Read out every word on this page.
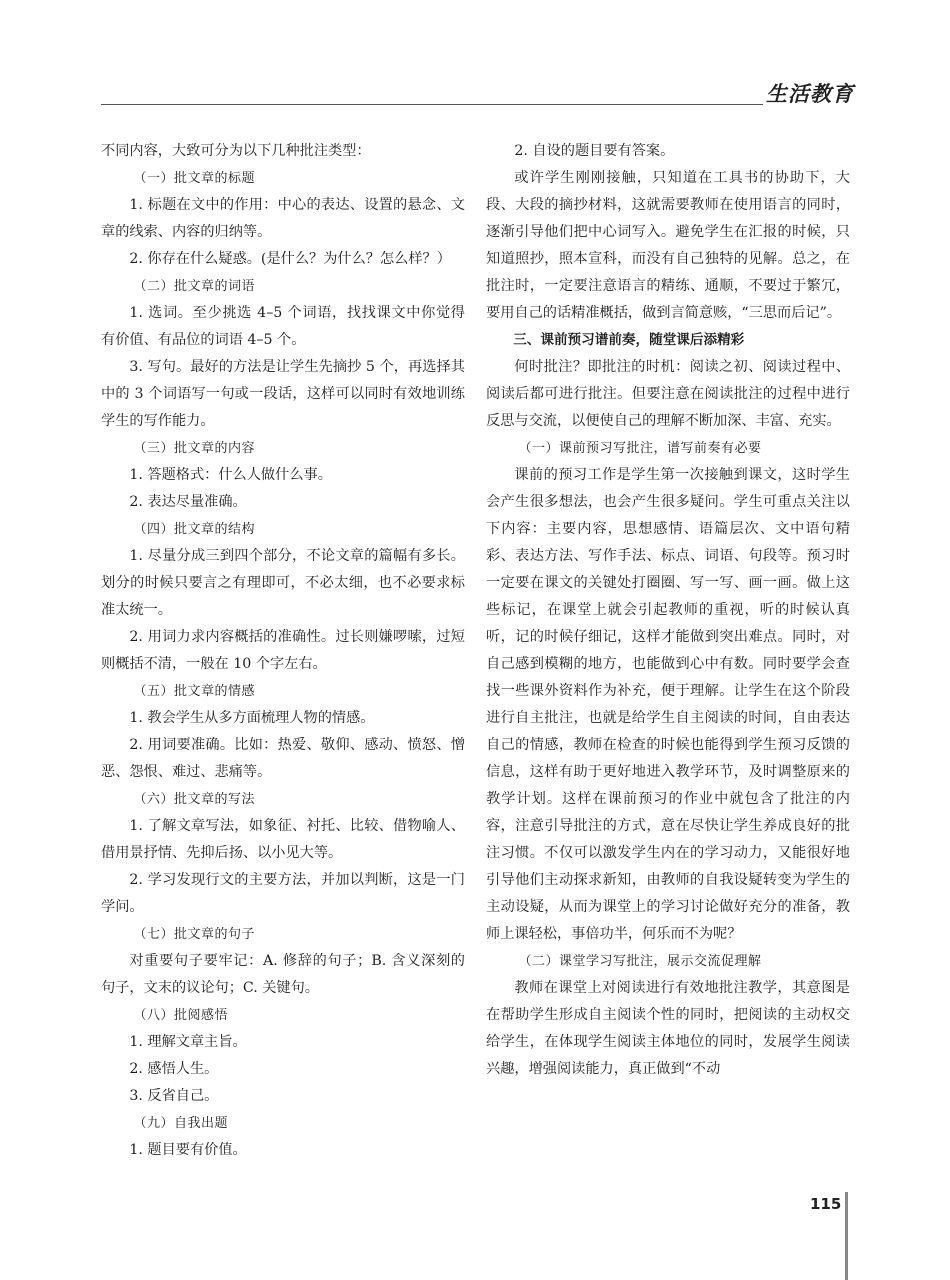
生活教育

不同内容，大致可分为以下几种批注类型：

（一）批文章的标题

1. 标题在文中的作用：中心的表达、设置的悬念、文章的线索、内容的归纳等。

2. 你存在什么疑惑。(是什么？为什么？怎么样？）

（二）批文章的词语

1. 选词。至少挑选 4–5 个词语，找找课文中你觉得有价值、有品位的词语 4–5 个。

3. 写句。最好的方法是让学生先摘抄 5 个，再选择其中的 3 个词语写一句或一段话，这样可以同时有效地训练学生的写作能力。

（三）批文章的内容

1. 答题格式：什么人做什么事。

2. 表达尽量准确。

（四）批文章的结构

1. 尽量分成三到四个部分，不论文章的篇幅有多长。划分的时候只要言之有理即可，不必太细，也不必要求标准太统一。

2. 用词力求内容概括的准确性。过长则嫌啰嗦，过短则概括不清，一般在 10 个字左右。

（五）批文章的情感

1. 教会学生从多方面梳理人物的情感。

2. 用词要准确。比如：热爱、敬仰、感动、愤怒、憎恶、怨恨、难过、悲痛等。

（六）批文章的写法

1. 了解文章写法，如象征、衬托、比较、借物喻人、借用景抒情、先抑后扬、以小见大等。

2. 学习发现行文的主要方法，并加以判断，这是一门学问。

（七）批文章的句子

对重要句子要牢记：A. 修辞的句子；B. 含义深刻的句子，文末的议论句；C. 关键句。

（八）批阅感悟

1. 理解文章主旨。

2. 感悟人生。

3. 反省自己。

（九）自我出题

1. 题目要有价值。

2. 自设的题目要有答案。

或许学生刚刚接触，只知道在工具书的协助下，大段、大段的摘抄材料，这就需要教师在使用语言的同时，逐渐引导他们把中心词写入。避免学生在汇报的时候，只知道照抄，照本宣科，而没有自己独特的见解。总之，在批注时，一定要注意语言的精练、通顺，不要过于繁冗，要用自己的话精准概括，做到言简意赅，“三思而后记”。

三、课前预习谱前奏，随堂课后添精彩

何时批注？即批注的时机：阅读之初、阅读过程中、阅读后都可进行批注。但要注意在阅读批注的过程中进行反思与交流，以便使自己的理解不断加深、丰富、充实。

（一）课前预习写批注，谱写前奏有必要

课前的预习工作是学生第一次接触到课文，这时学生会产生很多想法，也会产生很多疑问。学生可重点关注以下内容：主要内容，思想感情、语篇层次、文中语句精彩、表达方法、写作手法、标点、词语、句段等。预习时一定要在课文的关键处打圈圈、写一写、画一画。做上这些标记，在课堂上就会引起教师的重视，听的时候认真听，记的时候仔细记，这样才能做到突出难点。同时，对自己感到模糊的地方，也能做到心中有数。同时要学会查找一些课外资料作为补充，便于理解。让学生在这个阶段进行自主批注，也就是给学生自主阅读的时间，自由表达自己的情感，教师在检查的时候也能得到学生预习反馈的信息，这样有助于更好地进入教学环节，及时调整原来的教学计划。这样在课前预习的作业中就包含了批注的内容，注意引导批注的方式，意在尽快让学生养成良好的批注习惯。不仅可以激发学生内在的学习动力，又能很好地引导他们主动探求新知，由教师的自我设疑转变为学生的主动设疑，从而为课堂上的学习讨论做好充分的准备，教师上课轻松，事倍功半，何乐而不为呢？

（二）课堂学习写批注，展示交流促理解

教师在课堂上对阅读进行有效地批注教学，其意图是在帮助学生形成自主阅读个性的同时，把阅读的主动权交给学生，在体现学生阅读主体地位的同时，发展学生阅读兴趣，增强阅读能力，真正做到“不动

115
